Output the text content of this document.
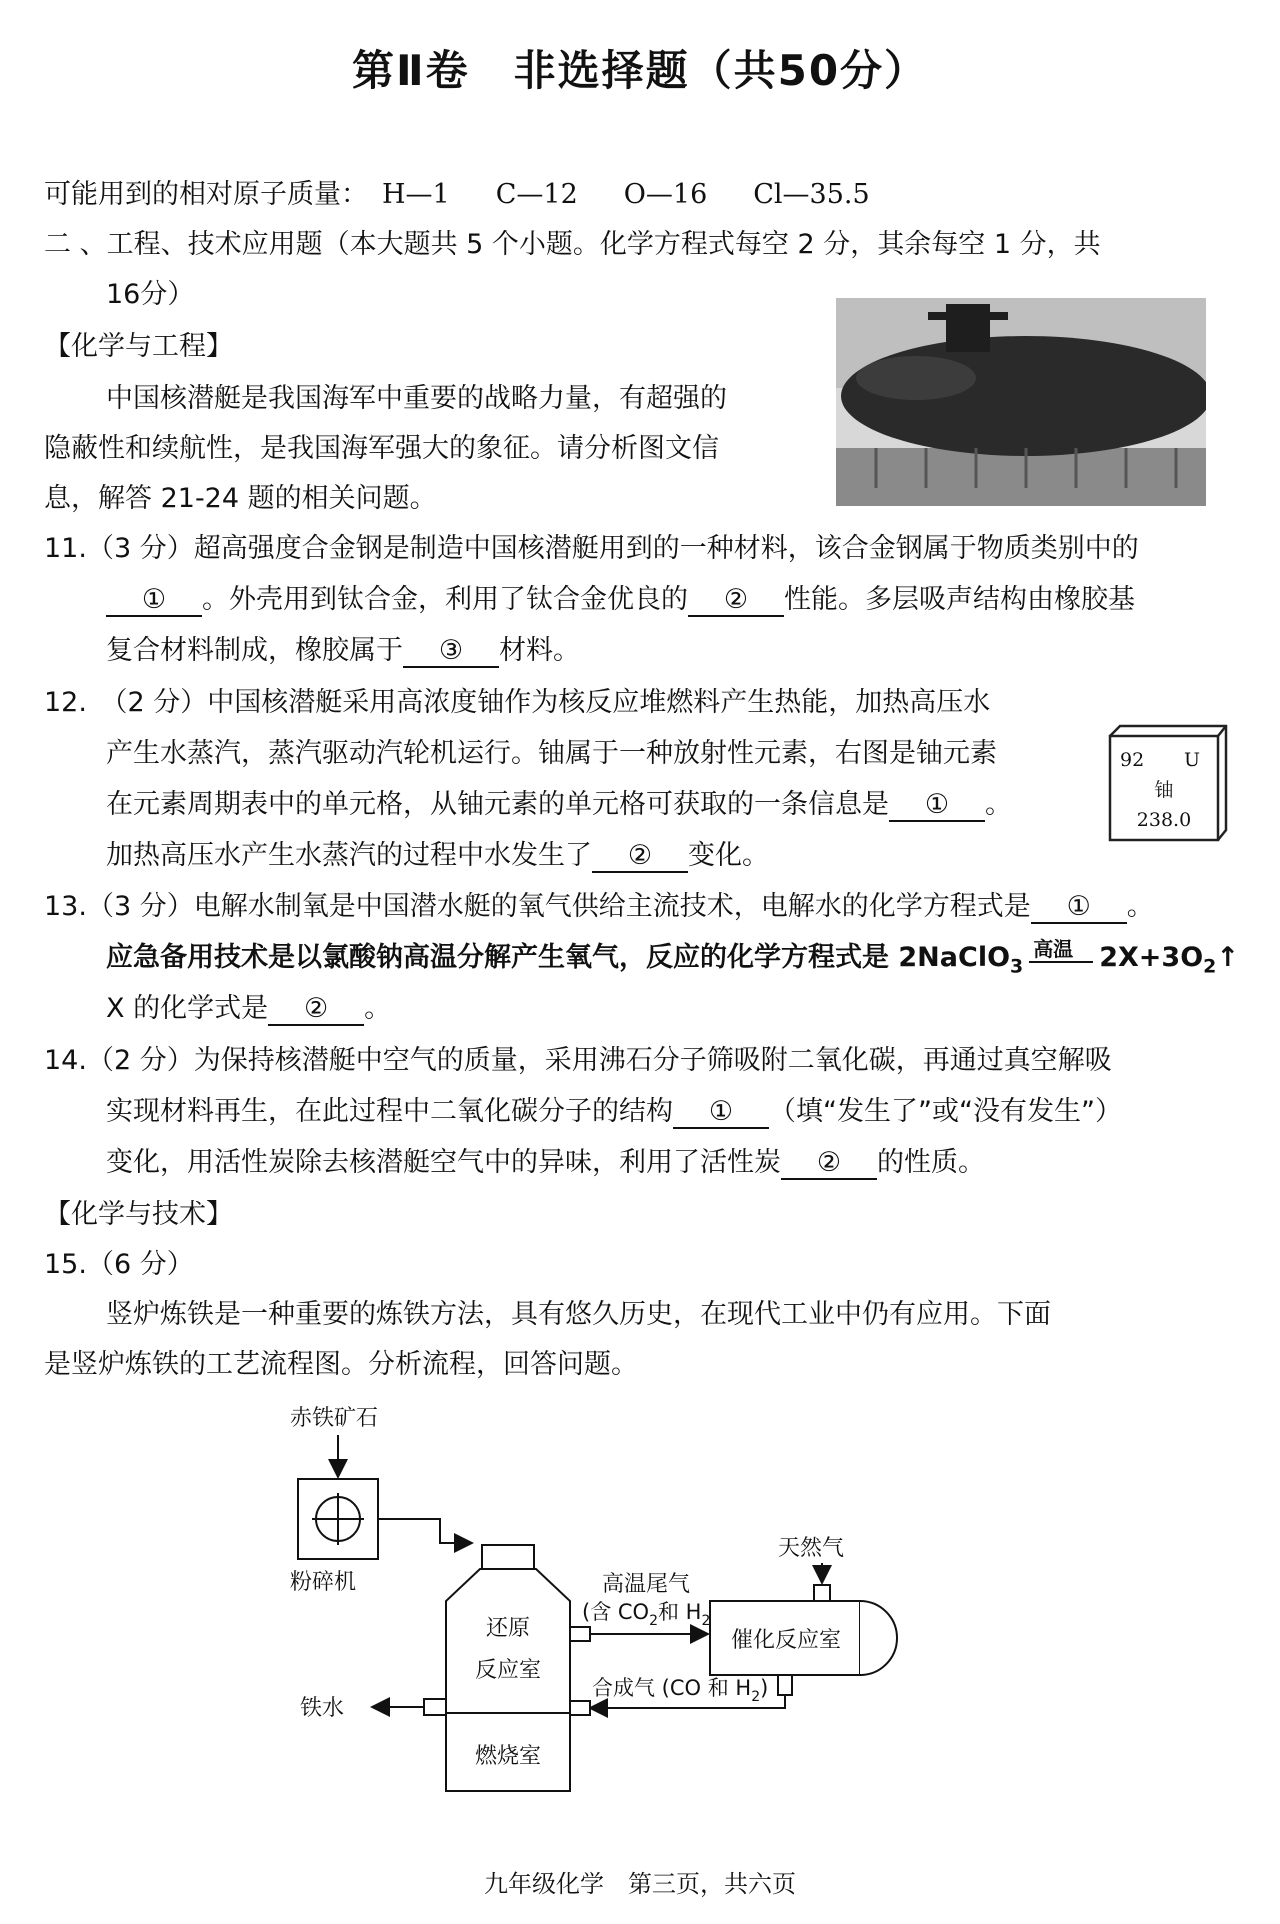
第Ⅱ卷　非选择题（共50分）
可能用到的相对原子质量： H—1 C—12 O—16 Cl—35.5
二 、工程、技术应用题（本大题共 5 个小题。化学方程式每空 2 分，其余每空 1 分，共
16分）
【化学与工程】
中国核潜艇是我国海军中重要的战略力量，有超强的
隐蔽性和续航性，是我国海军强大的象征。请分析图文信
息，解答 21-24 题的相关问题。
11.（3 分）超高强度合金钢是制造中国核潜艇用到的一种材料，该合金钢属于物质类别中的
① 。外壳用到钛合金，利用了钛合金优良的 ② 性能。多层吸声结构由橡胶基
复合材料制成，橡胶属于 ③ 材料。
12.　（2 分）中国核潜艇采用高浓度铀作为核反应堆燃料产生热能，加热高压水
产生水蒸汽，蒸汽驱动汽轮机运行。铀属于一种放射性元素，右图是铀元素
在元素周期表中的单元格，从铀元素的单元格可获取的一条信息是 ① 。
加热高压水产生水蒸汽的过程中水发生了 ② 变化。
92 U
铀
238.0
13.（3 分）电解水制氧是中国潜水艇的氧气供给主流技术，电解水的化学方程式是 ① 。
应急备用技术是以氯酸钠高温分解产生氧气，反应的化学方程式是 2NaClO$_3$
高温 $2X+3O_2↑$
X 的化学式是 ② 。
14.（2 分）为保持核潜艇中空气的质量，采用沸石分子筛吸附二氧化碳，再通过真空解吸
实现材料再生，在此过程中二氧化碳分子的结构 ① （填“发生了”或“没有发生”）
变化，用活性炭除去核潜艇空气中的异味，利用了活性炭 ② 的性质。
【化学与技术】
15.（6 分）
竖炉炼铁是一种重要的炼铁方法，具有悠久历史，在现代工业中仍有应用。下面
是竖炉炼铁的工艺流程图。分析流程，回答问题。
赤铁矿石
粉碎机
还原
反应室
燃烧室
铁水
高温尾气
(含 $CO_2$和 $H_2$
催化反应室
天然气
合成气 (CO 和 $H_2$)
九年级化学　第三页，共六页
